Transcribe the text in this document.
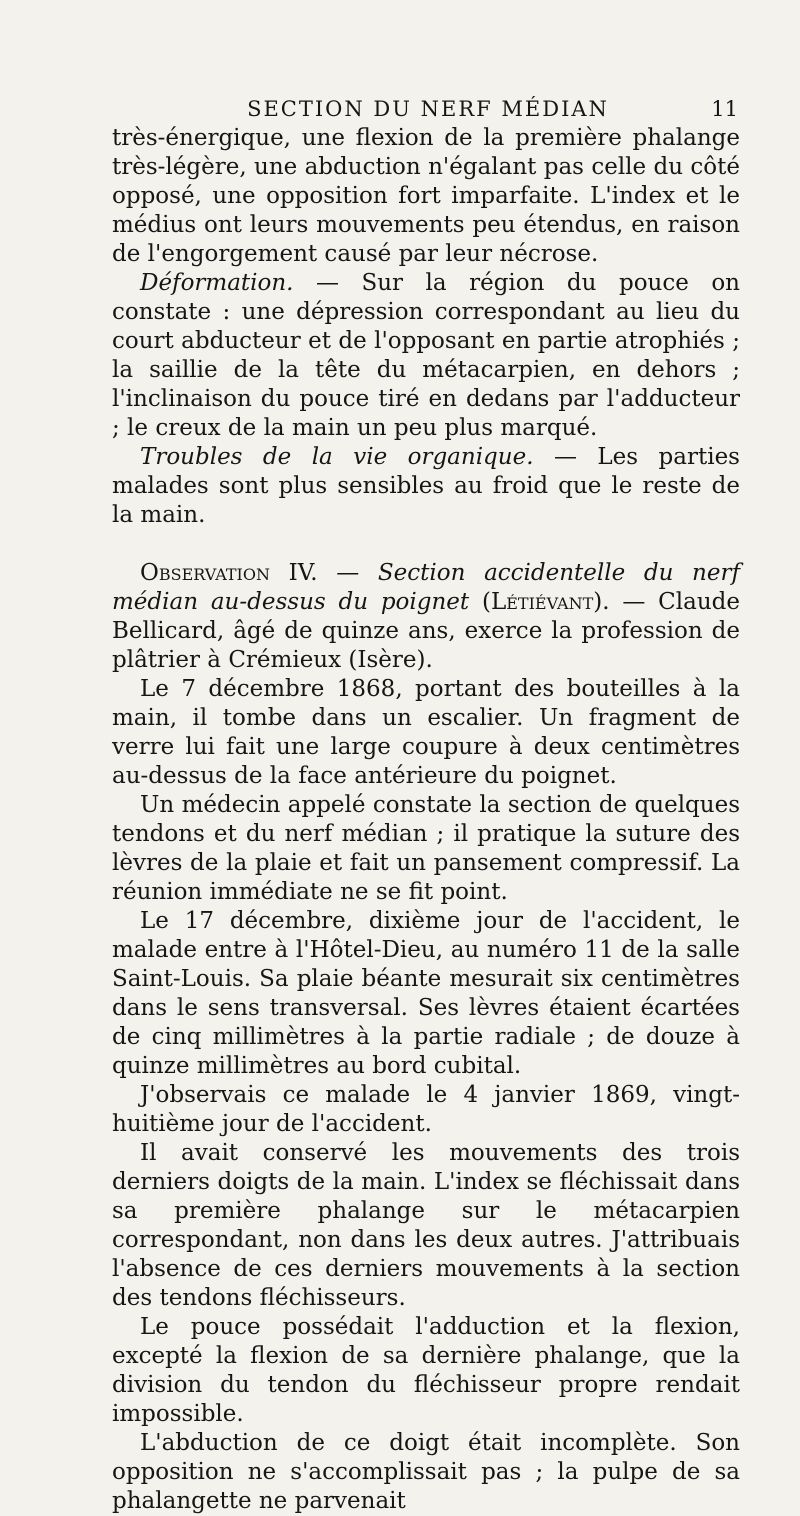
SECTION DU NERF MÉDIAN	11

très-énergique, une flexion de la première phalange très-légère, une abduction n'égalant pas celle du côté opposé, une opposition fort imparfaite. L'index et le médius ont leurs mouvements peu étendus, en raison de l'engorgement causé par leur nécrose.

Déformation. — Sur la région du pouce on constate : une dépression correspondant au lieu du court abducteur et de l'opposant en partie atrophiés ; la saillie de la tête du métacarpien, en dehors ; l'inclinaison du pouce tiré en dedans par l'adducteur ; le creux de la main un peu plus marqué.

Troubles de la vie organique. — Les parties malades sont plus sensibles au froid que le reste de la main.

Observation IV. — Section accidentelle du nerf médian au-dessus du poignet (Létiévant). — Claude Bellicard, âgé de quinze ans, exerce la profession de plâtrier à Crémieux (Isère).

Le 7 décembre 1868, portant des bouteilles à la main, il tombe dans un escalier. Un fragment de verre lui fait une large coupure à deux centimètres au-dessus de la face antérieure du poignet.

Un médecin appelé constate la section de quelques tendons et du nerf médian ; il pratique la suture des lèvres de la plaie et fait un pansement compressif. La réunion immédiate ne se fit point.

Le 17 décembre, dixième jour de l'accident, le malade entre à l'Hôtel-Dieu, au numéro 11 de la salle Saint-Louis. Sa plaie béante mesurait six centimètres dans le sens transversal. Ses lèvres étaient écartées de cinq millimètres à la partie radiale ; de douze à quinze millimètres au bord cubital.

J'observais ce malade le 4 janvier 1869, vingt-huitième jour de l'accident.

Il avait conservé les mouvements des trois derniers doigts de la main. L'index se fléchissait dans sa première phalange sur le métacarpien correspondant, non dans les deux autres. J'attribuais l'absence de ces derniers mouvements à la section des tendons fléchisseurs.

Le pouce possédait l'adduction et la flexion, excepté la flexion de sa dernière phalange, que la division du tendon du fléchisseur propre rendait impossible.

L'abduction de ce doigt était incomplète. Son opposition ne s'accomplissait pas ; la pulpe de sa phalangette ne parvenait
